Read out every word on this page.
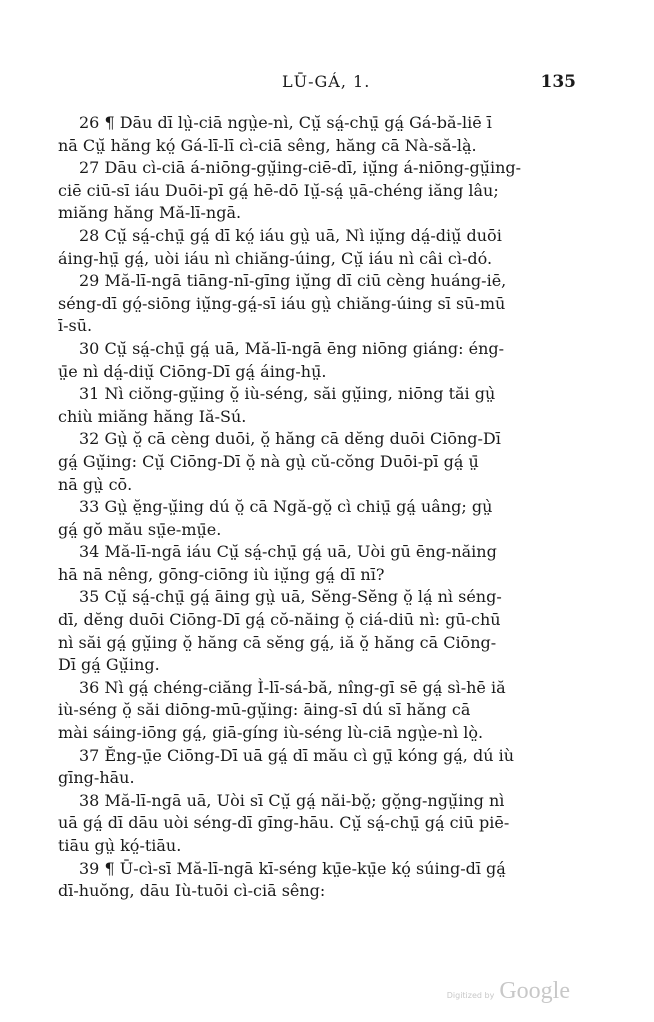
LŪ-GÁ, 1.	135
26 ¶ Dāu dī lṳ̀-ciā ngṳ̀e-nì, Cṳ̆ sá̤-chṳ̄ gá̤ Gá-bă-liē ī
nā Cṳ̆ hăng kó̤ Gá-lī-lī cì-ciā sêng, hăng cā Nà-să-là̤.
27 Dāu cì-ciā á-niōng-gṳ̆ing-ciē-dī, iṳ̆ng á-niōng-gṳ̆ing-
ciē ciū-sī iáu Duōi-pī gá̤ hē-dō Iṳ̆-sá̤ ṳā-chéng iăng lâu;
miăng hăng Mă-lī-ngā.
28 Cṳ̆ sá̤-chṳ̄ gá̤ dī kó̤ iáu gṳ̀ uā, Nì iṳ̆ng dá̤-diṳ̆ duōi
áing-hṳ̄ gá̤, uòi iáu nì chiăng-úing, Cṳ̆ iáu nì câi cì-dó.
29 Mă-lī-ngā tiāng-nī-gīng iṳ̆ng dī ciū cèng huáng-iē,
séng-dī gó̤-siōng iṳ̆ng-gá̤-sī iáu gṳ̀ chiăng-úing sī sū-mū
ī-sū.
30 Cṳ̆ sá̤-chṳ̄ gá̤ uā, Mă-lī-ngā ēng niōng giáng: éng-
ṳ̄e nì dá̤-diṳ̆ Ciōng-Dī gá̤ áing-hṳ̄.
31 Nì ciŏng-gṳ̆ing ŏ̤ iù-séng, săi gṳ̆ing, niōng tăi gṳ̀
chiù miăng hăng Iă-Sú.
32 Gṳ̀ ŏ̤ cā cèng duōi, ŏ̤ hăng cā dĕng duōi Ciōng-Dī
gá̤ Gṳ̆ing: Cṳ̆ Ciōng-Dī ŏ̤ nà gṳ̀ cŭ-cŏng Duōi-pī gá̤ ṳ̄
nā gṳ̀ cō.
33 Gṳ̀ ĕ̤ng-ṳ̆ing dú ŏ̤ cā Ngă-gŏ̤ cì chiṳ̄ gá̤ uâng; gṳ̀
gá̤ gŏ mău sṳ̄e-mṳ̄e.
34 Mă-lī-ngā iáu Cṳ̆ sá̤-chṳ̄ gá̤ uā, Uòi gū ēng-năing
hā nā nêng, gōng-ciōng iù iṳ̆ng gá̤ dī nī?
35 Cṳ̆ sá̤-chṳ̄ gá̤ āing gṳ̀ uā, Sĕng-Sĕng ŏ̤ lá̤ nì séng-
dī, dĕng duōi Ciōng-Dī gá̤ cŏ-năing ŏ̤ ciá-diū nì: gū-chū
nì săi gá̤ gṳ̆ing ŏ̤ hăng cā sĕng gá̤, iă ŏ̤ hăng cā Ciōng-
Dī gá̤ Gṳ̆ing.
36 Nì gá̤ chéng-ciăng Ì-lī-sá-bă, nîng-gī sē gá̤ sì-hē iă
iù-séng ŏ̤ săi diōng-mū-gṳ̆ing: āing-sī dú sī hăng cā
mài sáing-iōng gá̤, giā-gíng iù-séng lù-ciā ngṳ̀e-nì lò̤.
37 Ĕng-ṳ̄e Ciōng-Dī uā gá̤ dī mău cì gṳ̄ kóng gá̤, dú iù
gīng-hāu.
38 Mă-lī-ngā uā, Uòi sī Cṳ̆ gá̤ năi-bŏ̤; gŏ̤ng-ngṳ̆ing nì
uā gá̤ dī dāu uòi séng-dī gīng-hāu. Cṳ̆ sá̤-chṳ̄ gá̤ ciū piē-
tiāu gṳ̀ kó̤-tiāu.
39 ¶ Ū-cì-sī Mă-lī-ngā kī-séng kṳ̄e-kṳ̄e kó̤ súing-dī gá̤
dī-huŏng, dāu Iù-tuōi cì-ciā sêng:
Digitized by Google
